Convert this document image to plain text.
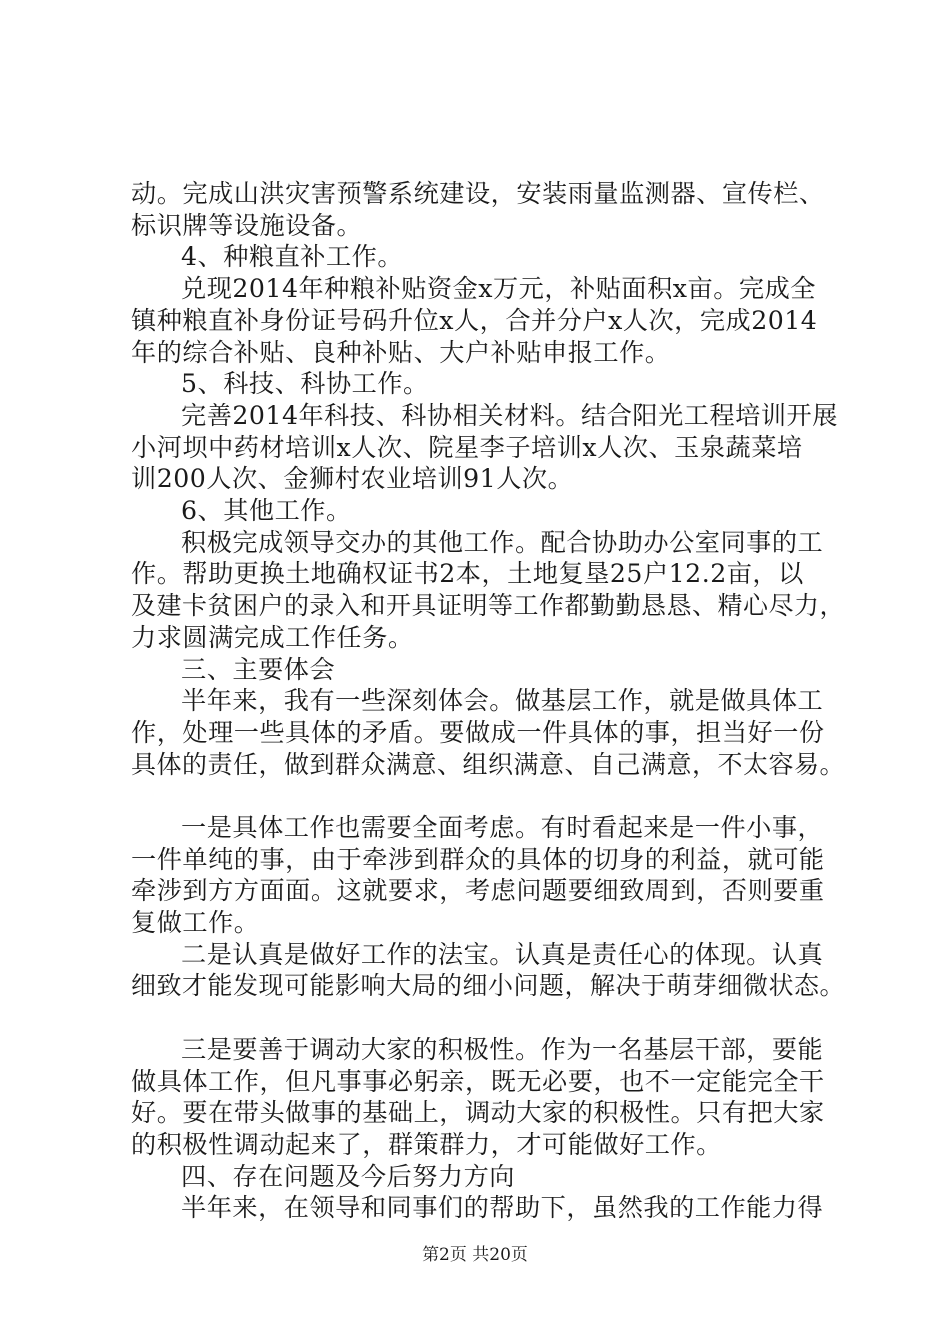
动。完成山洪灾害预警系统建设，安装雨量监测器、宣传栏、
标识牌等设施设备。
4、种粮直补工作。
兑现2014年种粮补贴资金x万元，补贴面积x亩。完成全
镇种粮直补身份证号码升位x人，合并分户x人次，完成2014
年的综合补贴、良种补贴、大户补贴申报工作。
5、科技、科协工作。
完善2014年科技、科协相关材料。结合阳光工程培训开展
小河坝中药材培训x人次、院星李子培训x人次、玉泉蔬菜培
训200人次、金狮村农业培训91人次。
6、其他工作。
积极完成领导交办的其他工作。配合协助办公室同事的工
作。帮助更换土地确权证书2本，土地复垦25户12.2亩，以
及建卡贫困户的录入和开具证明等工作都勤勤恳恳、精心尽力，
力求圆满完成工作任务。
三、主要体会
半年来，我有一些深刻体会。做基层工作，就是做具体工
作，处理一些具体的矛盾。要做成一件具体的事，担当好一份
具体的责任，做到群众满意、组织满意、自己满意，不太容易。
一是具体工作也需要全面考虑。有时看起来是一件小事，
一件单纯的事，由于牵涉到群众的具体的切身的利益，就可能
牵涉到方方面面。这就要求，考虑问题要细致周到，否则要重
复做工作。
二是认真是做好工作的法宝。认真是责任心的体现。认真
细致才能发现可能影响大局的细小问题，解决于萌芽细微状态。
三是要善于调动大家的积极性。作为一名基层干部，要能
做具体工作，但凡事事必躬亲，既无必要，也不一定能完全干
好。要在带头做事的基础上，调动大家的积极性。只有把大家
的积极性调动起来了，群策群力，才可能做好工作。
四、存在问题及今后努力方向
半年来，在领导和同事们的帮助下，虽然我的工作能力得
第2页 共20页
